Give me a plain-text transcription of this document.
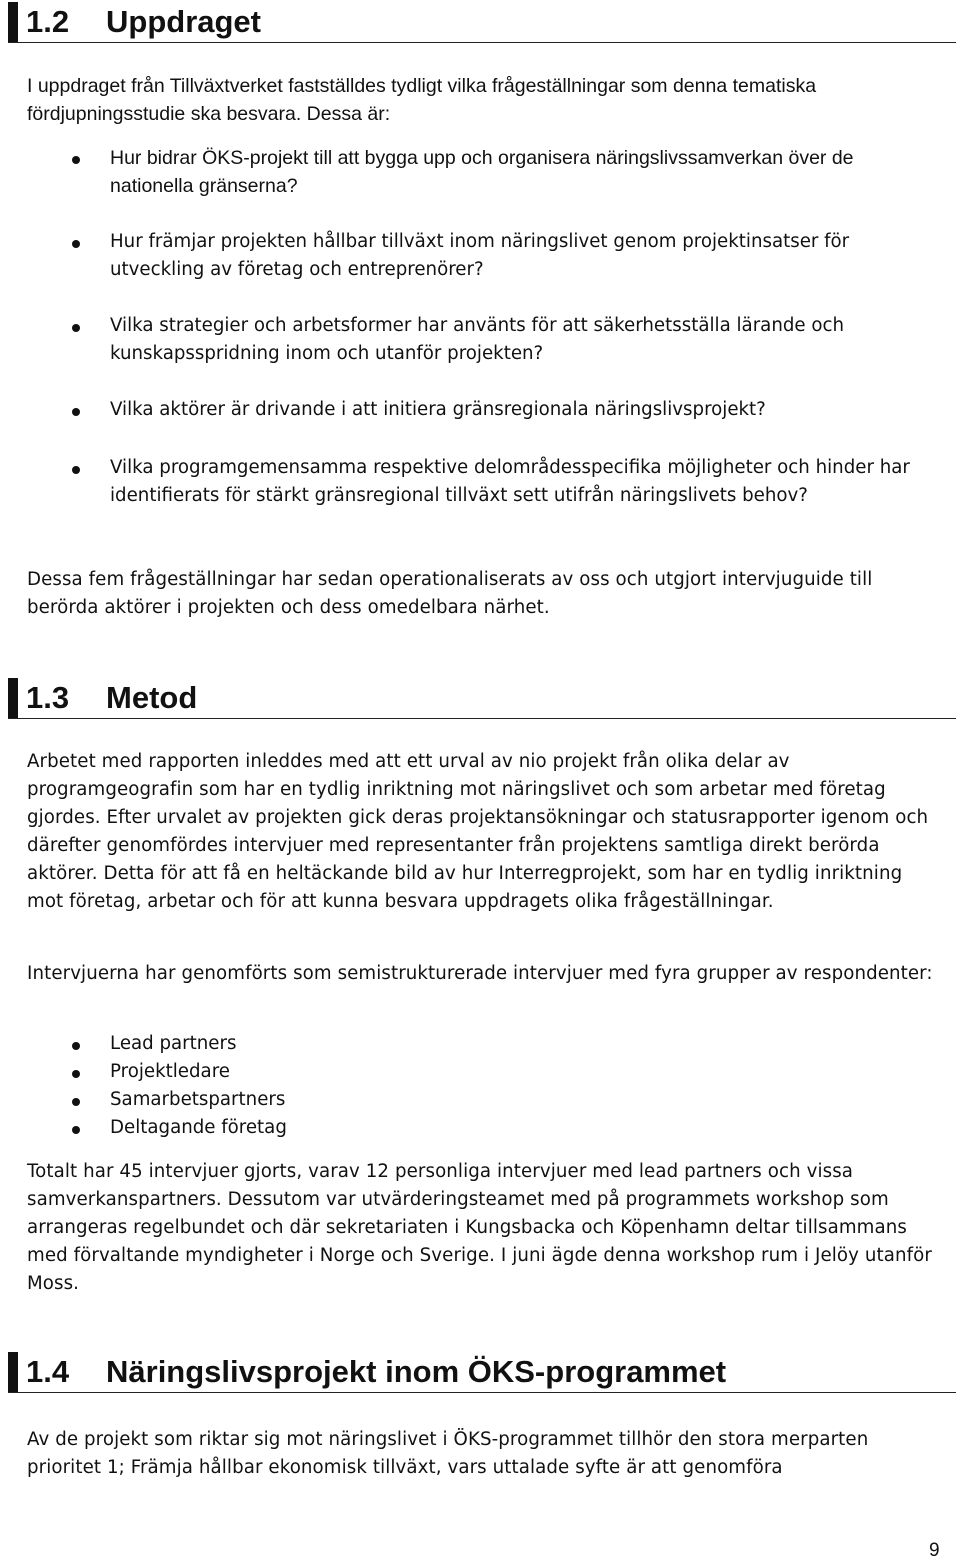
1.2 Uppdraget

I uppdraget från Tillväxtverket fastställdes tydligt vilka frågeställningar som denna tematiska fördjupningsstudie ska besvara. Dessa är:

Hur bidrar ÖKS-projekt till att bygga upp och organisera näringslivssamverkan över de nationella gränserna?

Hur främjar projekten hållbar tillväxt inom näringslivet genom projektinsatser för utveckling av företag och entreprenörer?

Vilka strategier och arbetsformer har använts för att säkerhetsställa lärande och kunskapsspridning inom och utanför projekten?

Vilka aktörer är drivande i att initiera gränsregionala näringslivsprojekt?

Vilka programgemensamma respektive delområdesspecifika möjligheter och hinder har identifierats för stärkt gränsregional tillväxt sett utifrån näringslivets behov?

Dessa fem frågeställningar har sedan operationaliserats av oss och utgjort intervjuguide till berörda aktörer i projekten och dess omedelbara närhet.

1.3 Metod

Arbetet med rapporten inleddes med att ett urval av nio projekt från olika delar av programgeografin som har en tydlig inriktning mot näringslivet och som arbetar med företag gjordes. Efter urvalet av projekten gick deras projektansökningar och statusrapporter igenom och därefter genomfördes intervjuer med representanter från projektens samtliga direkt berörda aktörer. Detta för att få en heltäckande bild av hur Interregprojekt, som har en tydlig inriktning mot företag, arbetar och för att kunna besvara uppdragets olika frågeställningar.

Intervjuerna har genomförts som semistrukturerade intervjuer med fyra grupper av respondenter:

Lead partners

Projektledare

Samarbetspartners

Deltagande företag

Totalt har 45 intervjuer gjorts, varav 12 personliga intervjuer med lead partners och vissa samverkanspartners. Dessutom var utvärderingsteamet med på programmets workshop som arrangeras regelbundet och där sekretariaten i Kungsbacka och Köpenhamn deltar tillsammans med förvaltande myndigheter i Norge och Sverige. I juni ägde denna workshop rum i Jelöy utanför Moss.

1.4 Näringslivsprojekt inom ÖKS-programmet

Av de projekt som riktar sig mot näringslivet i ÖKS-programmet tillhör den stora merparten prioritet 1; Främja hållbar ekonomisk tillväxt, vars uttalade syfte är att genomföra

9
